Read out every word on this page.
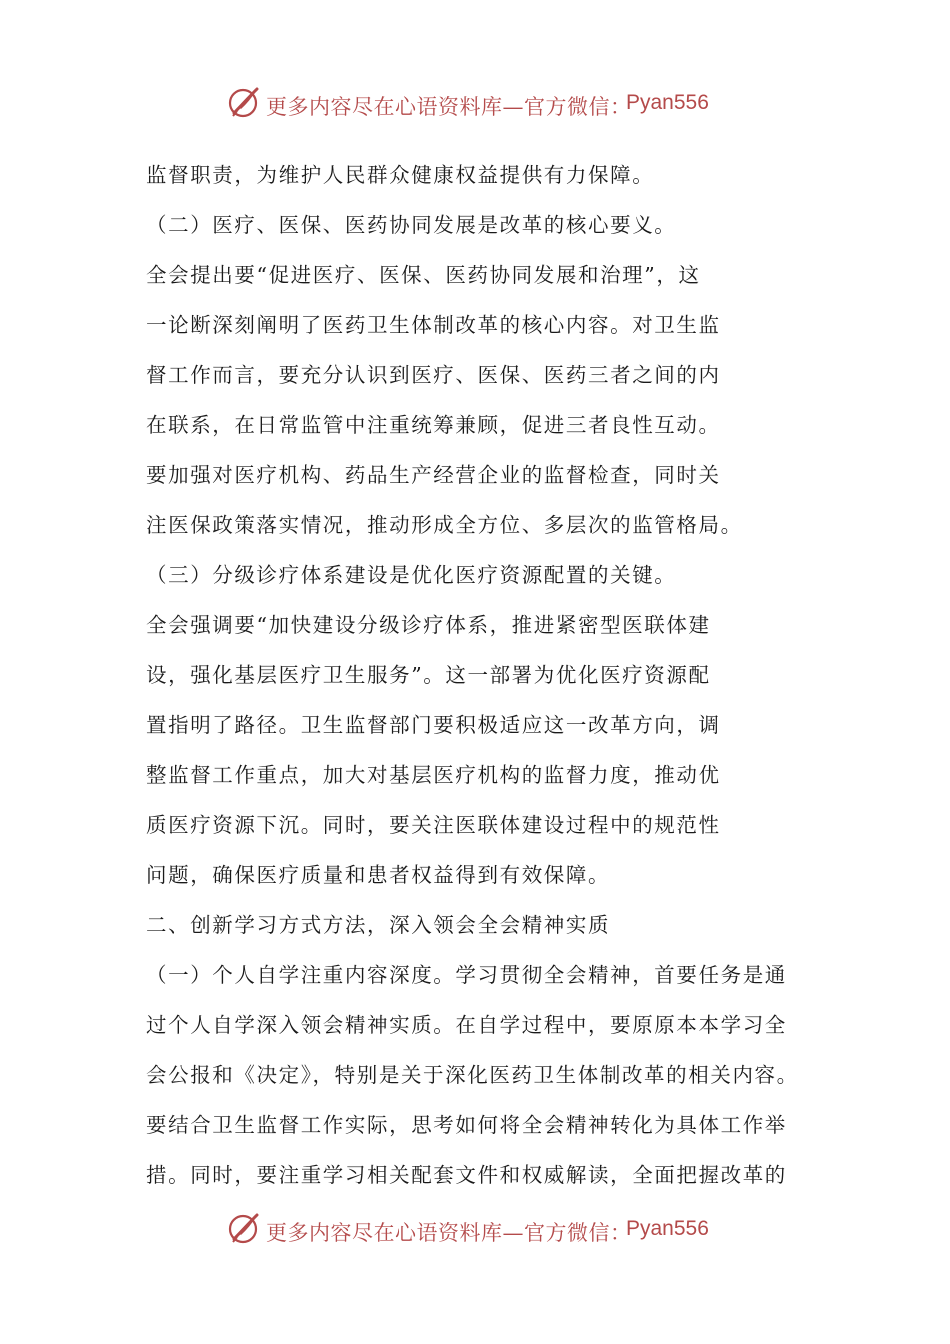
更多内容尽在心语资料库—官方微信：
Pyan556
监督职责，为维护人民群众健康权益提供有力保障。
（二）医疗、医保、医药协同发展是改革的核心要义。
全会提出要“促进医疗、医保、医药协同发展和治理”，这
一论断深刻阐明了医药卫生体制改革的核心内容。对卫生监
督工作而言，要充分认识到医疗、医保、医药三者之间的内
在联系，在日常监管中注重统筹兼顾，促进三者良性互动。
要加强对医疗机构、药品生产经营企业的监督检查，同时关
注医保政策落实情况，推动形成全方位、多层次的监管格局。
（三）分级诊疗体系建设是优化医疗资源配置的关键。
全会强调要“加快建设分级诊疗体系，推进紧密型医联体建
设，强化基层医疗卫生服务”。这一部署为优化医疗资源配
置指明了路径。卫生监督部门要积极适应这一改革方向，调
整监督工作重点，加大对基层医疗机构的监督力度，推动优
质医疗资源下沉。同时，要关注医联体建设过程中的规范性
问题，确保医疗质量和患者权益得到有效保障。
二、创新学习方式方法，深入领会全会精神实质
（一）个人自学注重内容深度。学习贯彻全会精神，首要任务是通
过个人自学深入领会精神实质。在自学过程中，要原原本本学习全
会公报和《决定》，特别是关于深化医药卫生体制改革的相关内容。
要结合卫生监督工作实际，思考如何将全会精神转化为具体工作举
措。同时，要注重学习相关配套文件和权威解读，全面把握改革的
更多内容尽在心语资料库—官方微信：
Pyan556
